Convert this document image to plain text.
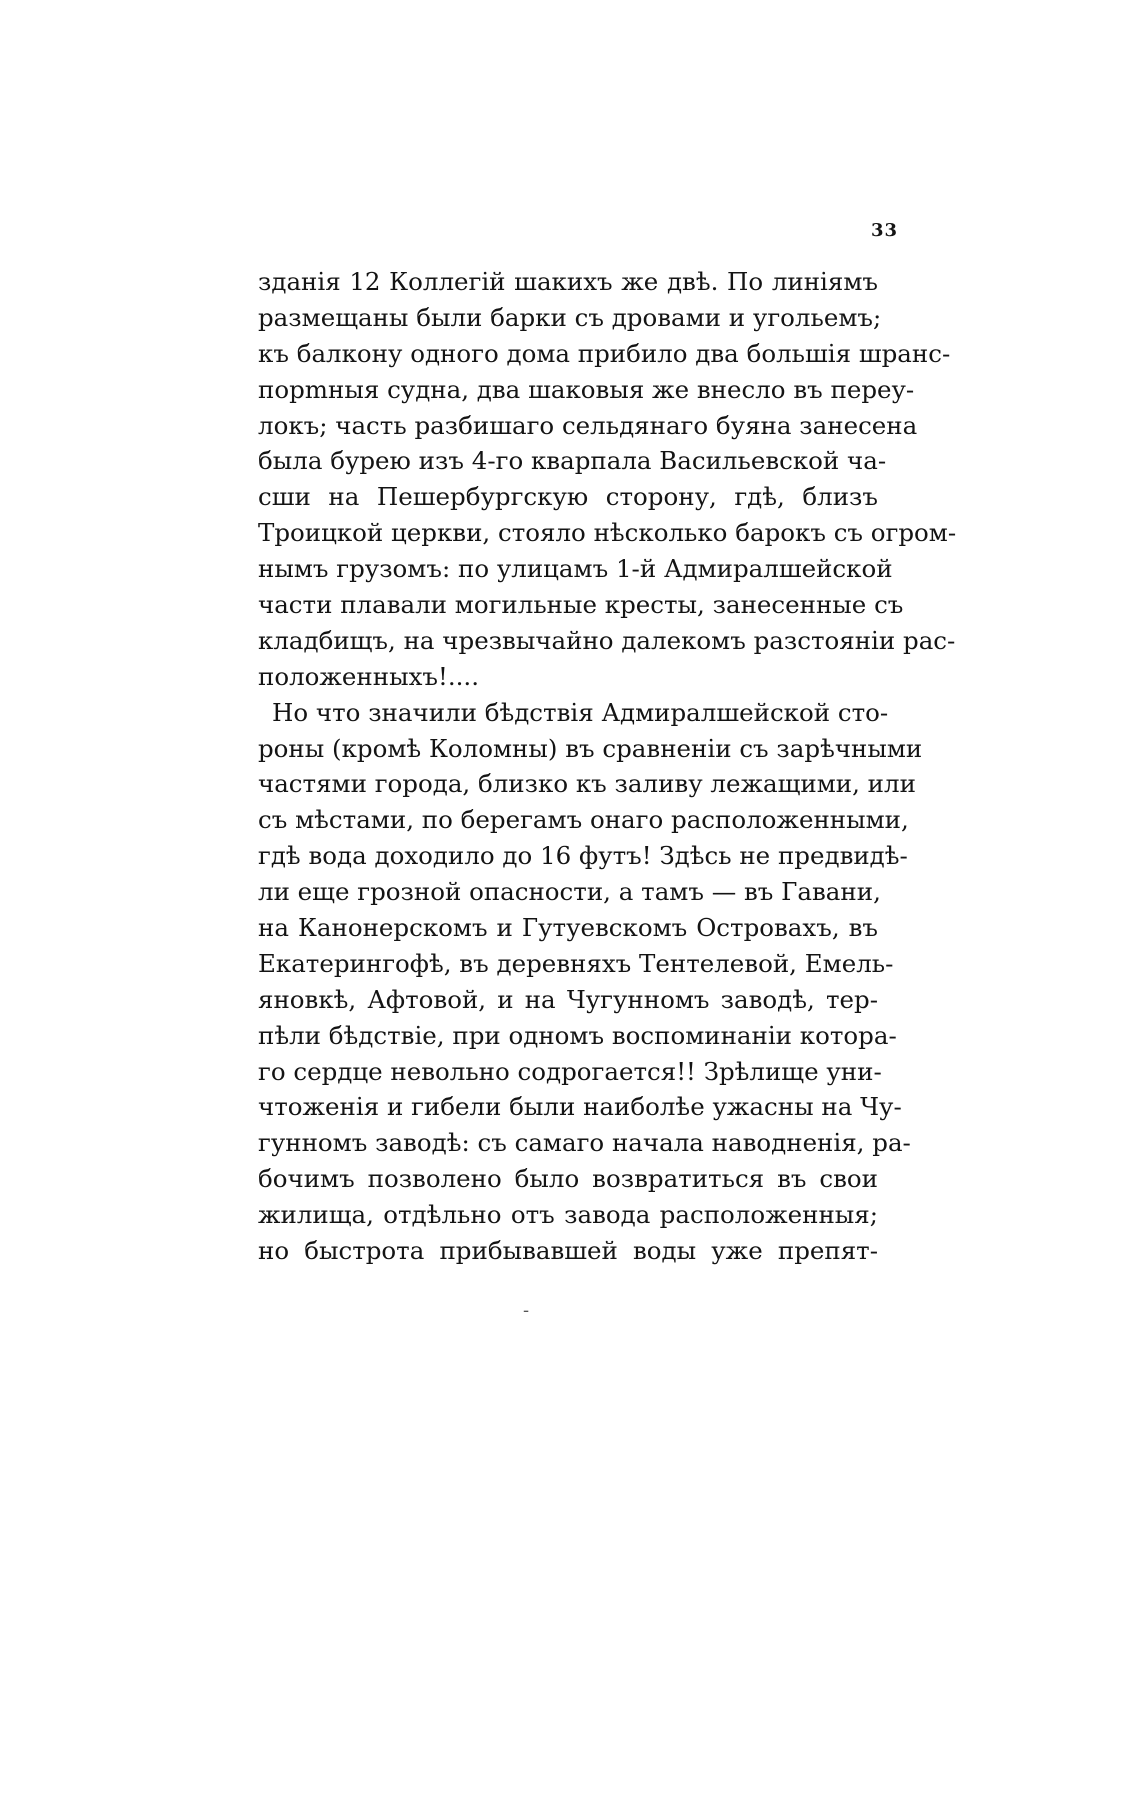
33
зданія 12 Коллегій шакихъ же двѣ. По линіямъ
размещаны были барки съ дровами и угольемъ;
къ балкону одного дома прибило два большія шранс-
порmныя судна, два шаковыя же внесло въ переу-
локъ; часть разбишаго сельдянаго буяна занесена
была бурею изъ 4-го кварпала Васильевской ча-
сши на Пешербургскую сторону, гдѣ, близъ
Троицкой церкви, стояло нѣсколько барокъ съ огром-
нымъ грузомъ: по улицамъ 1-й Адмиралшейской
части плавали могильные кресты, занесенные съ
кладбищъ, на чрезвычайно далекомъ разстояніи рас-
положенныхъ!....
Но что значили бѣдствія Адмиралшейской сто-
роны (кромѣ Коломны) въ сравненіи съ зарѣчными
частями города, близко къ заливу лежащими, или
съ мѣстами, по берегамъ онаго расположенными,
гдѣ вода доходило до 16 футъ! Здѣсь не предвидѣ-
ли еще грозной опасности, а тамъ — въ Гавани,
на Канонерскомъ и Гутуевскомъ Островахъ, въ
Екатерингофѣ, въ деревняхъ Тентелевой, Емель-
яновкѣ, Афтовой, и на Чугунномъ заводѣ, тер-
пѣли бѣдствіе, при одномъ воспоминаніи котора-
го сердце невольно содрогается!! Зрѣлище уни-
чтоженія и гибели были наиболѣе ужасны на Чу-
гунномъ заводѣ: съ самаго начала наводненія, ра-
бочимъ позволено было возвратиться въ свои
жилища, отдѣльно отъ завода расположенныя;
но быстрота прибывавшей воды уже препят-
-
